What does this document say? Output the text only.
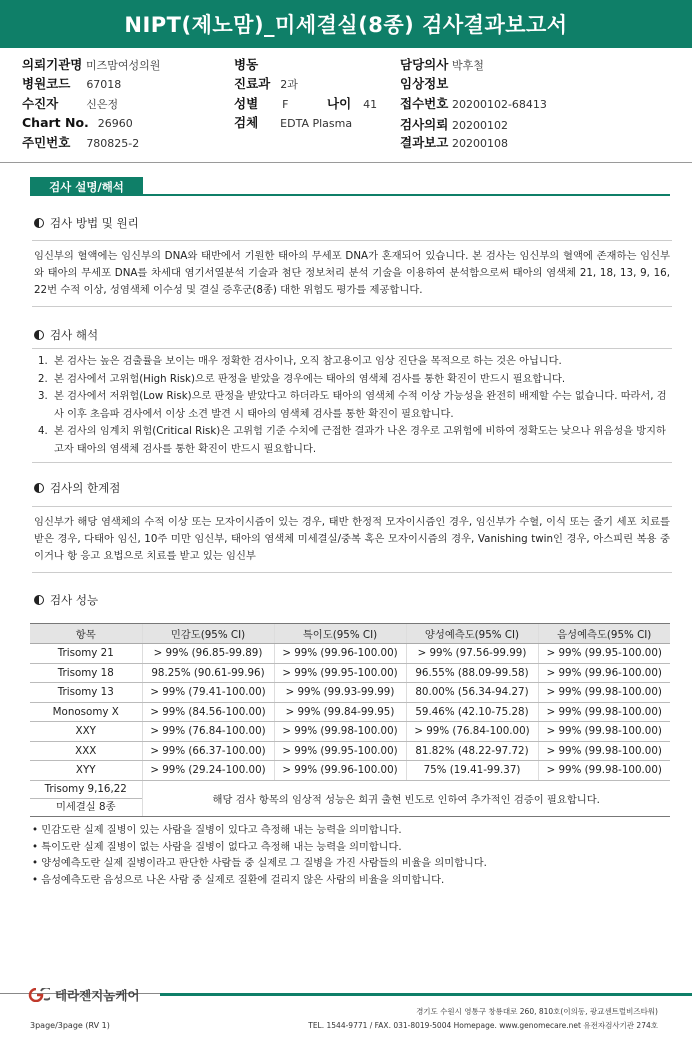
NIPT(제노맘)_미세결실(8종) 검사결과보고서
의뢰기관명 미즈맘여성의원
병원코드 67018
수진자	신은정
Chart No. 26960
주민번호 780825-2
병동
진료과 2과
성별 F	나이 41
검체 EDTA Plasma
담당의사 박후철
임상정보
접수번호 20200102-68413
검사의뢰 20200102
결과보고 20200108
검사 설명/해석
검사 방법 및 원리
임신부의 혈액에는 임신부의 DNA와 태반에서 기원한 태아의 무세포 DNA가 혼재되어 있습니다. 본 검사는 임신부의 혈액에 존재하는 임신부와 태아의 무세포 DNA를 차세대 염기서열분석 기술과 첨단 정보처리 분석 기술을 이용하여 분석함으로써 태아의 염색체 21, 18, 13, 9, 16, 22번 수적 이상, 성염색체 이수성 및 결실 증후군(8종) 대한 위험도 평가를 제공합니다.
검사 해석
1. 본 검사는 높은 검출률을 보이는 매우 정확한 검사이나, 오직 참고용이고 임상 진단을 목적으로 하는 것은 아닙니다.
2. 본 검사에서 고위험(High Risk)으로 판정을 받았을 경우에는 태아의 염색체 검사를 통한 확진이 반드시 필요합니다.
3. 본 검사에서 저위험(Low Risk)으로 판정을 받았다고 하더라도 태아의 염색체 수적 이상 가능성을 완전히 배제할 수는 없습니다. 따라서, 검사 이후 초음파 검사에서 이상 소견 발견 시 태아의 염색체 검사를 통한 확진이 필요합니다.
4. 본 검사의 임계치 위험(Critical Risk)은 고위험 기준 수치에 근접한 결과가 나온 경우로 고위험에 비하여 정확도는 낮으나 위음성을 방지하고자 태아의 염색체 검사를 통한 확진이 반드시 필요합니다.
검사의 한계점
임신부가 해당 염색체의 수적 이상 또는 모자이시즘이 있는 경우, 태반 한정적 모자이시즘인 경우, 임신부가 수혈, 이식 또는 줄기 세포 치료를 받은 경우, 다태아 임신, 10주 미만 임신부, 태아의 염색체 미세결실/중복 혹은 모자이시즘의 경우, Vanishing twin인 경우, 아스피린 복용 중이거나 항 응고 요법으로 치료를 받고 있는 임신부
검사 성능
항목	민감도(95% CI)	특이도(95% CI)	양성예측도(95% CI)	음성예측도(95% CI)
Trisomy 21	> 99% (96.85-99.89)	> 99% (99.96-100.00)	> 99% (97.56-99.99)	> 99% (99.95-100.00)
Trisomy 18	98.25% (90.61-99.96)	> 99% (99.95-100.00)	96.55% (88.09-99.58)	> 99% (99.96-100.00)
Trisomy 13	> 99% (79.41-100.00)	> 99% (99.93-99.99)	80.00% (56.34-94.27)	> 99% (99.98-100.00)
Monosomy X	> 99% (84.56-100.00)	> 99% (99.84-99.95)	59.46% (42.10-75.28)	> 99% (99.98-100.00)
XXY	> 99% (76.84-100.00)	> 99% (99.98-100.00)	> 99% (76.84-100.00)	> 99% (99.98-100.00)
XXX	> 99% (66.37-100.00)	> 99% (99.95-100.00)	81.82% (48.22-97.72)	> 99% (99.98-100.00)
XYY	> 99% (29.24-100.00)	> 99% (99.96-100.00)	75% (19.41-99.37)	> 99% (99.98-100.00)

Trisomy 9,16,22
미세결실 8종	해당 검사 항목의 임상적 성능은 희귀 출현 빈도로 인하여 추가적인 검증이 필요합니다.			
• 민감도란 실제 질병이 있는 사람을 질병이 있다고 측정해 내는 능력을 의미합니다.
• 특이도란 실제 질병이 없는 사람을 질병이 없다고 측정해 내는 능력을 의미합니다.
• 양성예측도란 실제 질병이라고 판단한 사람들 중 실제로 그 질병을 가진 사람들의 비율을 의미합니다.
• 음성예측도란 음성으로 나온 사람 중 실제로 질환에 걸리지 않은 사람의 비율을 의미합니다.
테라젠지놈케어
경기도 수원시 영통구 창룡대로 260, 810호(이의동, 광교센트럴비즈타워)
TEL. 1544-9771 / FAX. 031-8019-5004 Homepage. www.genomecare.net 유전자검사기관 274호
3page/3page (RV 1)
